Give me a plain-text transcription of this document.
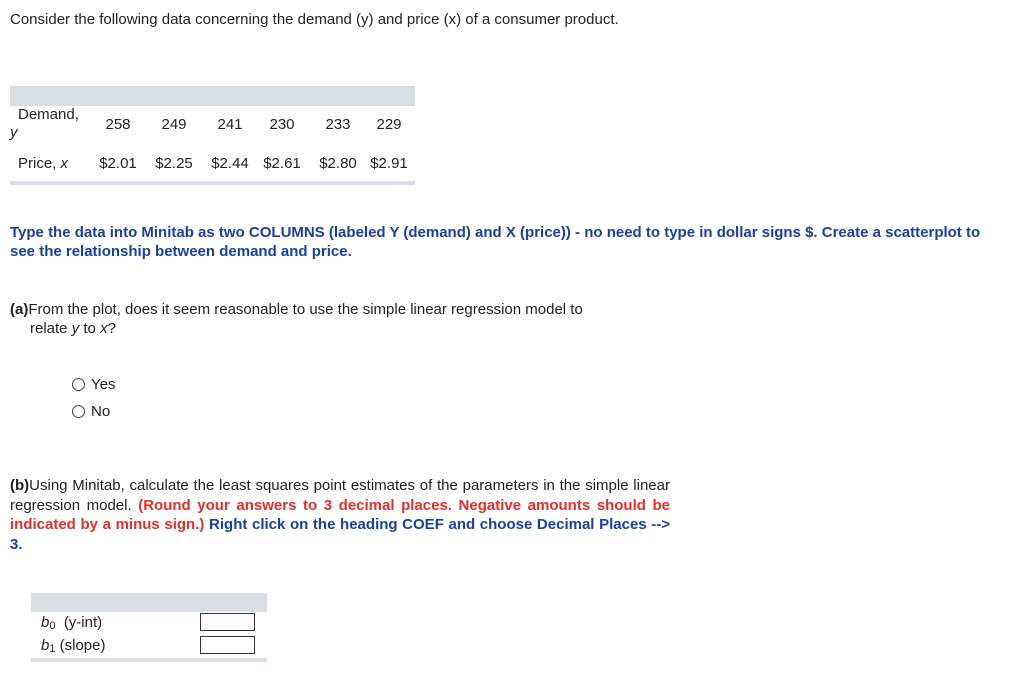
Consider the following data concerning the demand (y) and price (x) of a consumer product.
Demand,
y	258	249	241	230	233	229
Price, x	$2.01	$2.25	$2.44 $2.61	$2.80 $2.91
Type the data into Minitab as two COLUMNS (labeled Y (demand) and X (price)) - no need to type in dollar signs $. Create a scatterplot to see the relationship between demand and price.
(a)From the plot, does it seem reasonable to use the simple linear regression model to
relate y to x?
Yes
No
(b)Using Minitab, calculate the least squares point estimates of the parameters in the simple linear regression model. (Round your answers to 3 decimal places. Negative amounts should be indicated by a minus sign.) Right click on the heading COEF and choose Decimal Places --> 3.
b0 (y-int)
b1 (slope)
